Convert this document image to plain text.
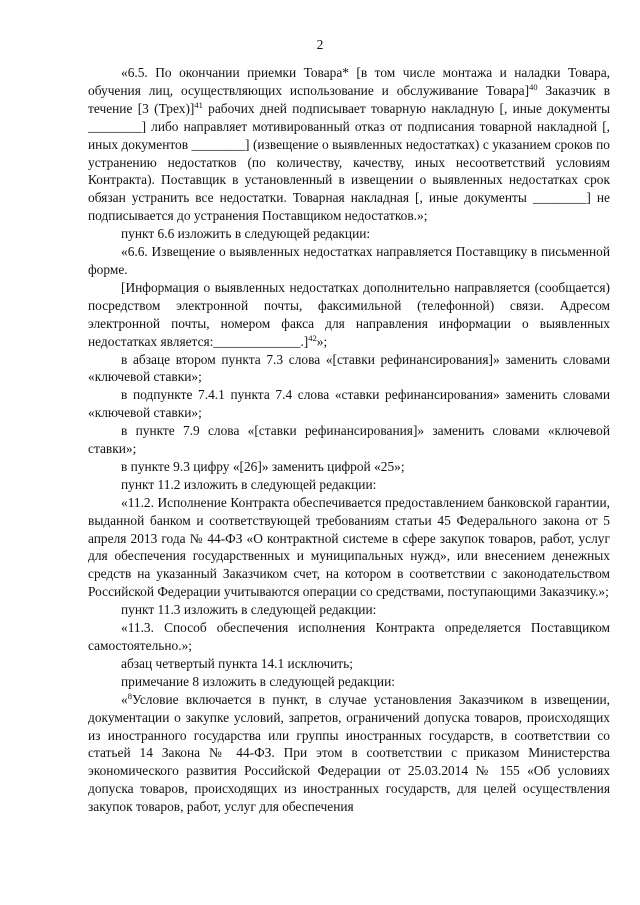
2

«6.5. По окончании приемки Товара* [в том числе монтажа и наладки Товара, обучения лиц, осуществляющих использование и обслуживание Товара]$^{40}$ Заказчик в течение [3 (Трех)]$^{41}$ рабочих дней подписывает товарную накладную [, иные документы ________] либо направляет мотивированный отказ от подписания товарной накладной [, иных документов ________] (извещение о выявленных недостатках) с указанием сроков по устранению недостатков (по количеству, качеству, иных несоответствий условиям Контракта). Поставщик в установленный в извещении о выявленных недостатках срок обязан устранить все недостатки. Товарная накладная [, иные документы ________] не подписывается до устранения Поставщиком недостатков.»;

пункт 6.6 изложить в следующей редакции:

«6.6. Извещение о выявленных недостатках направляется Поставщику в письменной форме.

[Информация о выявленных недостатках дополнительно направляется (сообщается) посредством электронной почты, факсимильной (телефонной) связи. Адресом электронной почты, номером факса для направления информации о выявленных недостатках является:_____________.]$^{42}$»;

в абзаце втором пункта 7.3 слова «[ставки рефинансирования]» заменить словами «ключевой ставки»;

в подпункте 7.4.1 пункта 7.4 слова «ставки рефинансирования» заменить словами «ключевой ставки»;

в пункте 7.9 слова «[ставки рефинансирования]» заменить словами «ключевой ставки»;

в пункте 9.3 цифру «[26]» заменить цифрой «25»;

пункт 11.2 изложить в следующей редакции:

«11.2. Исполнение Контракта обеспечивается предоставлением банковской гарантии, выданной банком и соответствующей требованиям статьи 45 Федерального закона от 5 апреля 2013 года № 44-ФЗ «О контрактной системе в сфере закупок товаров, работ, услуг для обеспечения государственных и муниципальных нужд», или внесением денежных средств на указанный Заказчиком счет, на котором в соответствии с законодательством Российской Федерации учитываются операции со средствами, поступающими Заказчику.»;

пункт 11.3 изложить в следующей редакции:

«11.3. Способ обеспечения исполнения Контракта определяется Поставщиком самостоятельно.»;

абзац четвертый пункта 14.1 исключить;

примечание 8 изложить в следующей редакции:

«$^8$Условие включается в пункт, в случае установления Заказчиком в извещении, документации о закупке условий, запретов, ограничений допуска товаров, происходящих из иностранного государства или группы иностранных государств, в соответствии со статьей 14 Закона № 44-ФЗ. При этом в соответствии с приказом Министерства экономического развития Российской Федерации от 25.03.2014 № 155 «Об условиях допуска товаров, происходящих из иностранных государств, для целей осуществления закупок товаров, работ, услуг для обеспечения
